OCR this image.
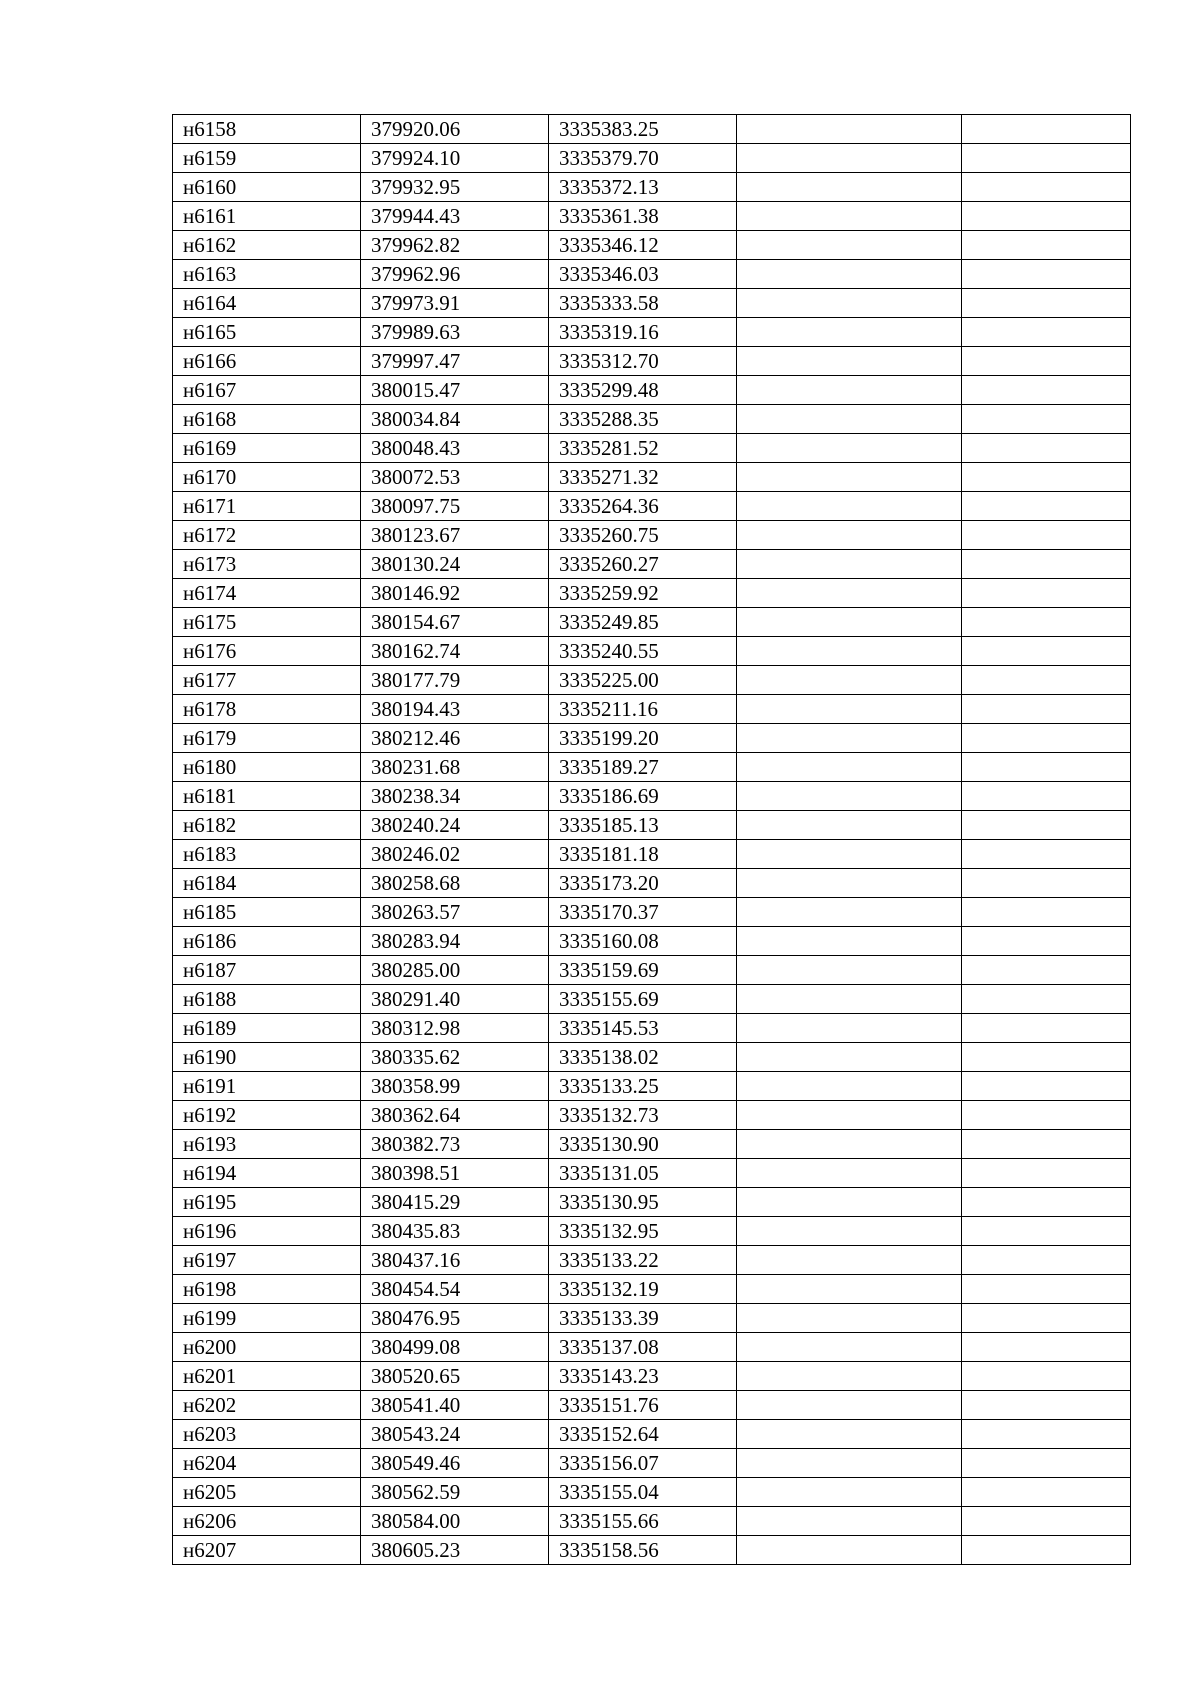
н6158	379920.06	3335383.25		
н6159	379924.10	3335379.70		
н6160	379932.95	3335372.13		
н6161	379944.43	3335361.38		
н6162	379962.82	3335346.12		
н6163	379962.96	3335346.03		
н6164	379973.91	3335333.58		
н6165	379989.63	3335319.16		
н6166	379997.47	3335312.70		
н6167	380015.47	3335299.48		
н6168	380034.84	3335288.35		
н6169	380048.43	3335281.52		
н6170	380072.53	3335271.32		
н6171	380097.75	3335264.36		
н6172	380123.67	3335260.75		
н6173	380130.24	3335260.27		
н6174	380146.92	3335259.92		
н6175	380154.67	3335249.85		
н6176	380162.74	3335240.55		
н6177	380177.79	3335225.00		
н6178	380194.43	3335211.16		
н6179	380212.46	3335199.20		
н6180	380231.68	3335189.27		
н6181	380238.34	3335186.69		
н6182	380240.24	3335185.13		
н6183	380246.02	3335181.18		
н6184	380258.68	3335173.20		
н6185	380263.57	3335170.37		
н6186	380283.94	3335160.08		
н6187	380285.00	3335159.69		
н6188	380291.40	3335155.69		
н6189	380312.98	3335145.53		
н6190	380335.62	3335138.02		
н6191	380358.99	3335133.25		
н6192	380362.64	3335132.73		
н6193	380382.73	3335130.90		
н6194	380398.51	3335131.05		
н6195	380415.29	3335130.95		
н6196	380435.83	3335132.95		
н6197	380437.16	3335133.22		
н6198	380454.54	3335132.19		
н6199	380476.95	3335133.39		
н6200	380499.08	3335137.08		
н6201	380520.65	3335143.23		
н6202	380541.40	3335151.76		
н6203	380543.24	3335152.64		
н6204	380549.46	3335156.07		
н6205	380562.59	3335155.04		
н6206	380584.00	3335155.66		
н6207	380605.23	3335158.56		
